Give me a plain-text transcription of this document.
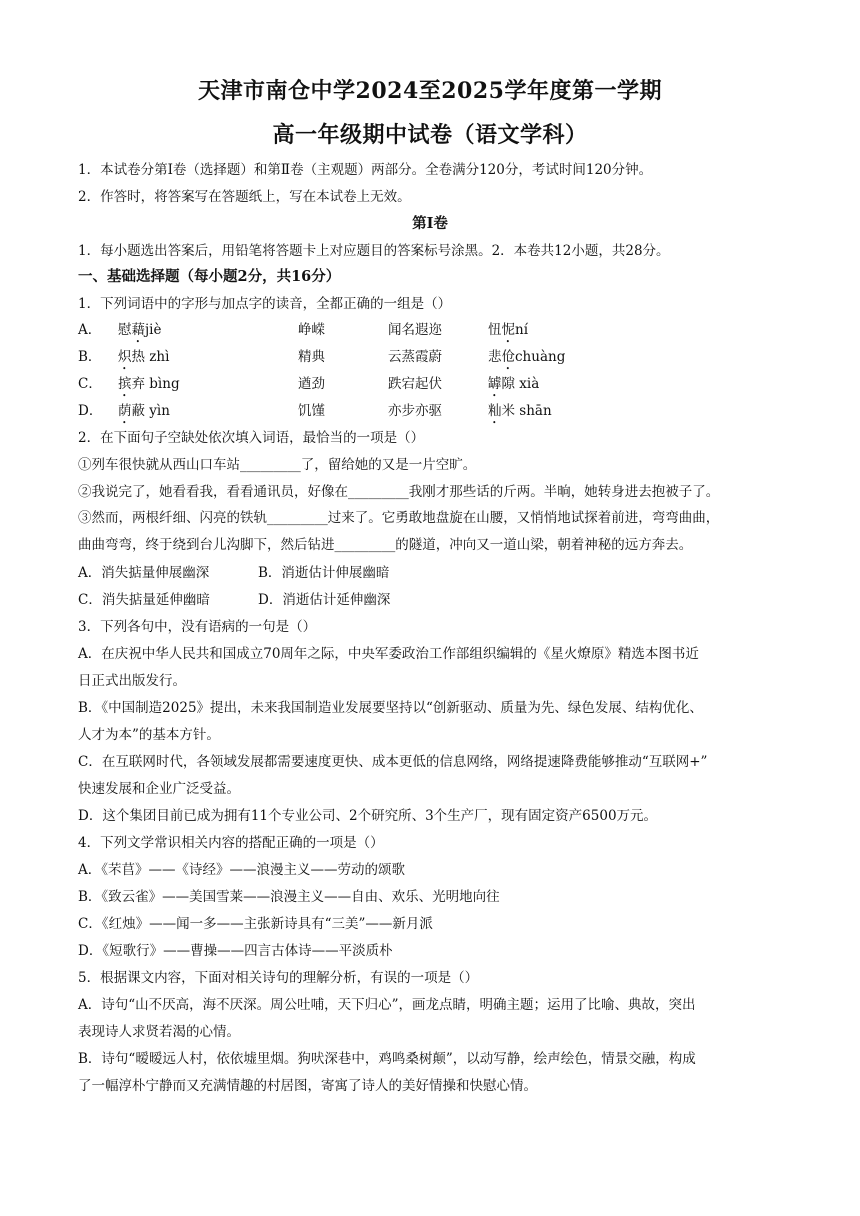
天津市南仓中学2024至2025学年度第一学期
高一年级期中试卷（语文学科）
1．本试卷分第Ⅰ卷（选择题）和第Ⅱ卷（主观题）两部分。全卷满分120分，考试时间120分钟。
2．作答时，将答案写在答题纸上，写在本试卷上无效。
第Ⅰ卷
1．每小题选出答案后，用铅笔将答题卡上对应题目的答案标号涂黑。2．本卷共12小题，共28分。
一、基础选择题（每小题2分，共16分）
1．下列词语中的字形与加点字的读音，全都正确的一组是（）
A． 慰藉jiè	峥嵘	闻名遐迩	忸怩ní
B． 炽热 zhì	精典	云蒸霞蔚	悲伧chuàng
C． 摈弃 bìng	遒劲	跌宕起伏	罅隙 xià
D． 荫蔽 yìn	饥馑	亦步亦驱	籼米 shān
2．在下面句子空缺处依次填入词语，最恰当的一项是（）
①列车很快就从西山口车站_________了，留给她的又是一片空旷。
②我说完了，她看看我，看看通讯员，好像在_________我刚才那些话的斤两。半晌，她转身进去抱被子了。
③然而，两根纤细、闪亮的铁轨_________过来了。它勇敢地盘旋在山腰，又悄悄地试探着前进，弯弯曲曲，
曲曲弯弯，终于绕到台儿沟脚下，然后钻进_________的隧道，冲向又一道山梁，朝着神秘的远方奔去。
A．消失掂量伸展幽深	B．消逝估计伸展幽暗
C．消失掂量延伸幽暗	D．消逝估计延伸幽深
3．下列各句中，没有语病的一句是（）
A．在庆祝中华人民共和国成立70周年之际，中央军委政治工作部组织编辑的《星火燎原》精选本图书近
日正式出版发行。
B．《中国制造2025》提出，未来我国制造业发展要坚持以“创新驱动、质量为先、绿色发展、结构优化、
人才为本”的基本方针。
C．在互联网时代，各领域发展都需要速度更快、成本更低的信息网络，网络提速降费能够推动“互联网+”
快速发展和企业广泛受益。
D．这个集团目前已成为拥有11个专业公司、2个研究所、3个生产厂，现有固定资产6500万元。
4．下列文学常识相关内容的搭配正确的一项是（）
A．《芣苢》——《诗经》——浪漫主义——劳动的颂歌
B．《致云雀》——美国雪莱——浪漫主义——自由、欢乐、光明地向往
C．《红烛》——闻一多——主张新诗具有“三美”——新月派
D．《短歌行》——曹操——四言古体诗——平淡质朴
5．根据课文内容，下面对相关诗句的理解分析，有误的一项是（）
A．诗句“山不厌高，海不厌深。周公吐哺，天下归心”，画龙点睛，明确主题；运用了比喻、典故，突出
表现诗人求贤若渴的心情。
B．诗句“暧暧远人村，依依墟里烟。狗吠深巷中，鸡鸣桑树颠”，以动写静，绘声绘色，情景交融，构成
了一幅淳朴宁静而又充满情趣的村居图，寄寓了诗人的美好情操和快慰心情。
